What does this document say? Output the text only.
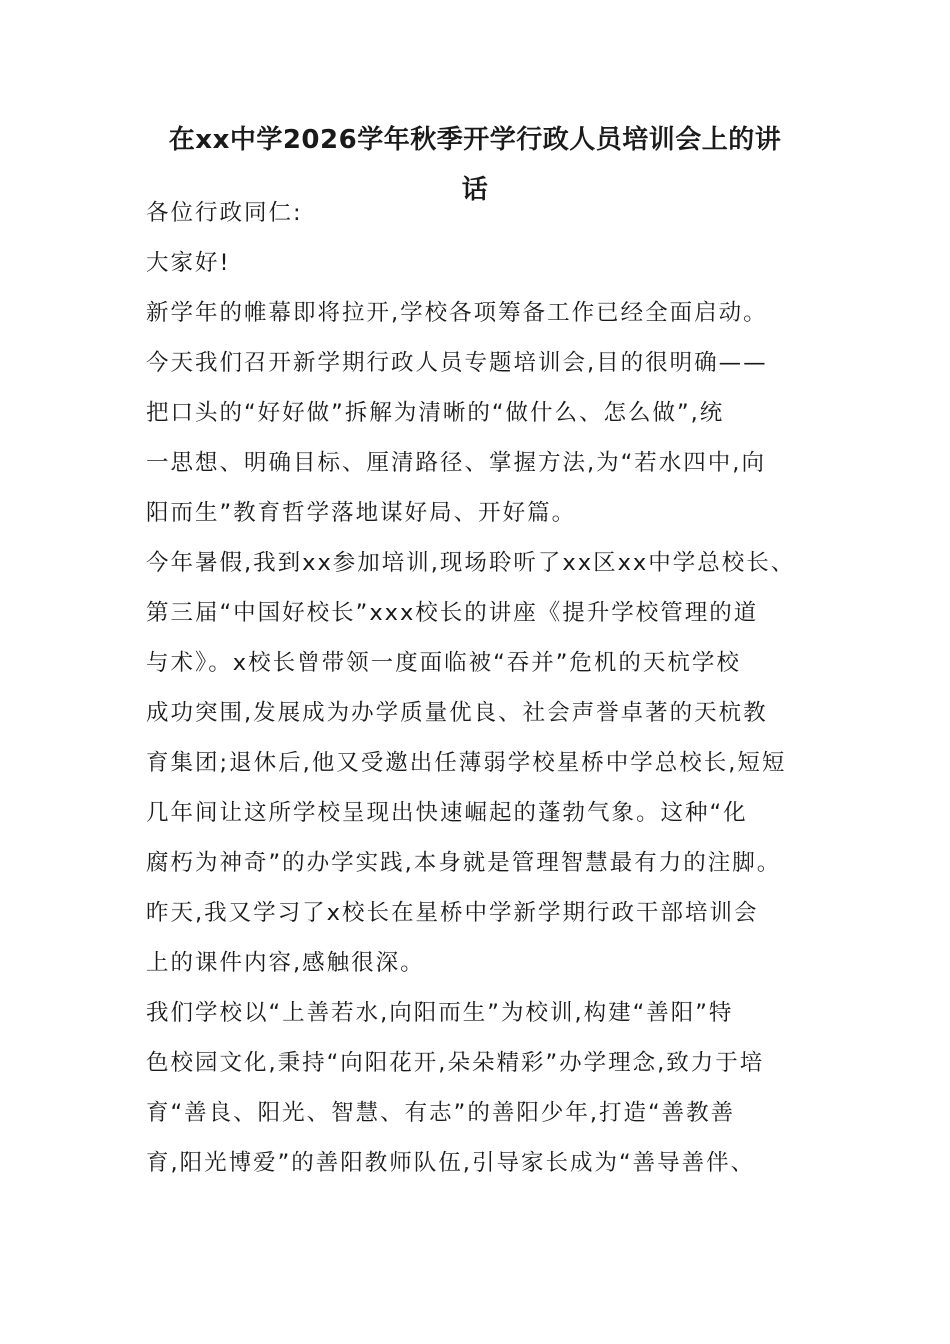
在xx中学2026学年秋季开学行政人员培训会上的讲
话
各位行政同仁:
大家好!
新学年的帷幕即将拉开,学校各项筹备工作已经全面启动。
今天我们召开新学期行政人员专题培训会,目的很明确——
把口头的“好好做”拆解为清晰的“做什么、怎么做”,统
一思想、明确目标、厘清路径、掌握方法,为“若水四中,向
阳而生”教育哲学落地谋好局、开好篇。
今年暑假,我到xx参加培训,现场聆听了xx区xx中学总校长、
第三届“中国好校长”xxx校长的讲座《提升学校管理的道
与术》。x校长曾带领一度面临被“吞并”危机的天杭学校
成功突围,发展成为办学质量优良、社会声誉卓著的天杭教
育集团;退休后,他又受邀出任薄弱学校星桥中学总校长,短短
几年间让这所学校呈现出快速崛起的蓬勃气象。这种“化
腐朽为神奇”的办学实践,本身就是管理智慧最有力的注脚。
昨天,我又学习了x校长在星桥中学新学期行政干部培训会
上的课件内容,感触很深。
我们学校以“上善若水,向阳而生”为校训,构建“善阳”特
色校园文化,秉持“向阳花开,朵朵精彩”办学理念,致力于培
育“善良、阳光、智慧、有志”的善阳少年,打造“善教善
育,阳光博爱”的善阳教师队伍,引导家长成为“善导善伴、
